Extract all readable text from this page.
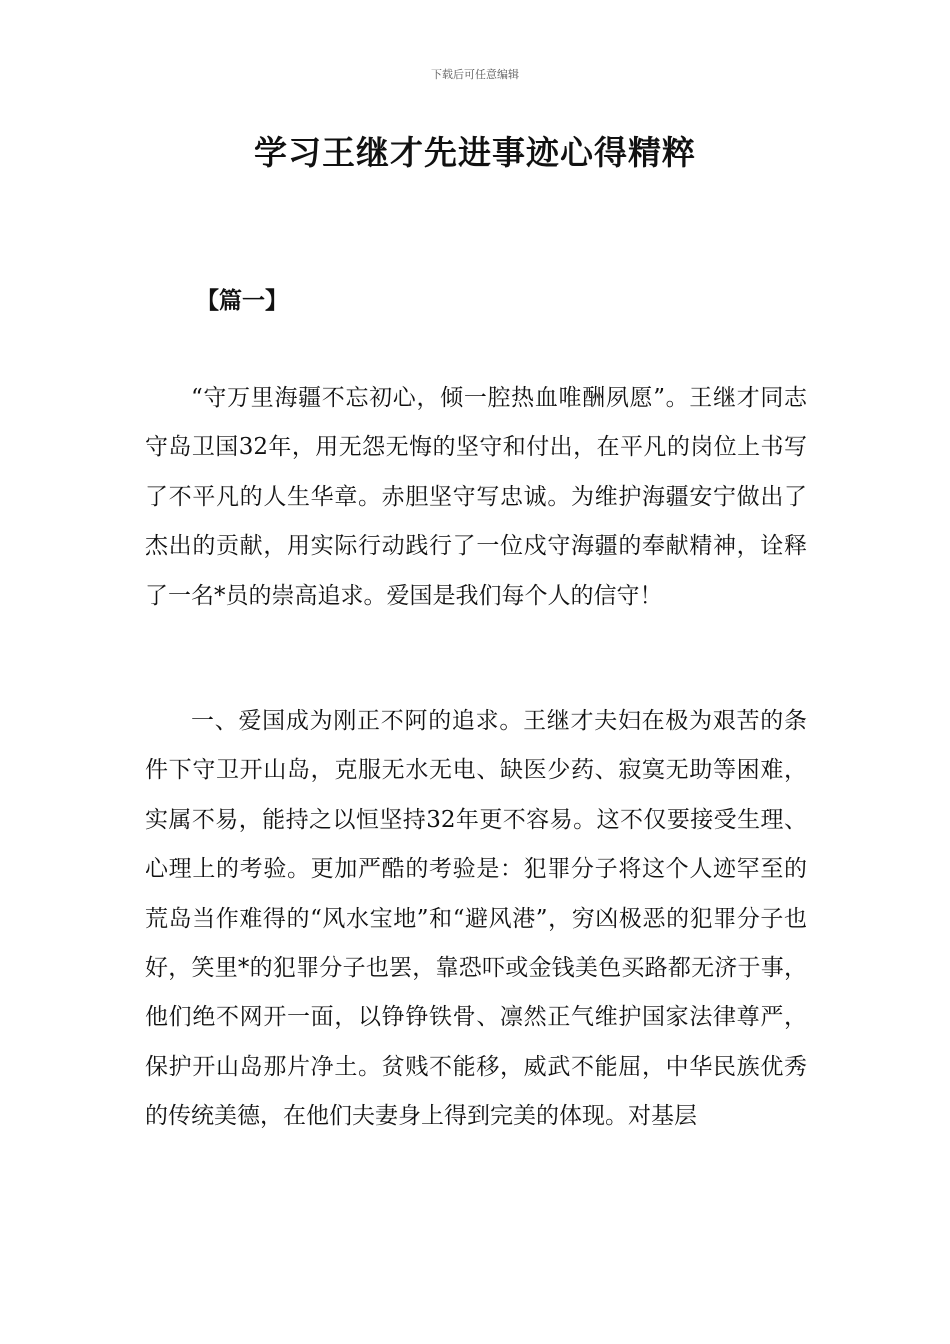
下载后可任意编辑
学习王继才先进事迹心得精粹
【篇一】

“守万里海疆不忘初心，倾一腔热血唯酬夙愿”。王继才同志守岛卫国32年，用无怨无悔的坚守和付出，在平凡的岗位上书写了不平凡的人生华章。赤胆坚守写忠诚。为维护海疆安宁做出了杰出的贡献，用实际行动践行了一位戍守海疆的奉献精神，诠释了一名*员的崇高追求。爱国是我们每个人的信守！

一、爱国成为刚正不阿的追求。王继才夫妇在极为艰苦的条件下守卫开山岛，克服无水无电、缺医少药、寂寞无助等困难，实属不易，能持之以恒坚持32年更不容易。这不仅要接受生理、心理上的考验。更加严酷的考验是：犯罪分子将这个人迹罕至的荒岛当作难得的“风水宝地”和“避风港”，穷凶极恶的犯罪分子也好，笑里*的犯罪分子也罢，靠恐吓或金钱美色买路都无济于事，他们绝不网开一面，以铮铮铁骨、凛然正气维护国家法律尊严，保护开山岛那片净土。贫贱不能移，威武不能屈，中华民族优秀的传统美德，在他们夫妻身上得到完美的体现。对基层
